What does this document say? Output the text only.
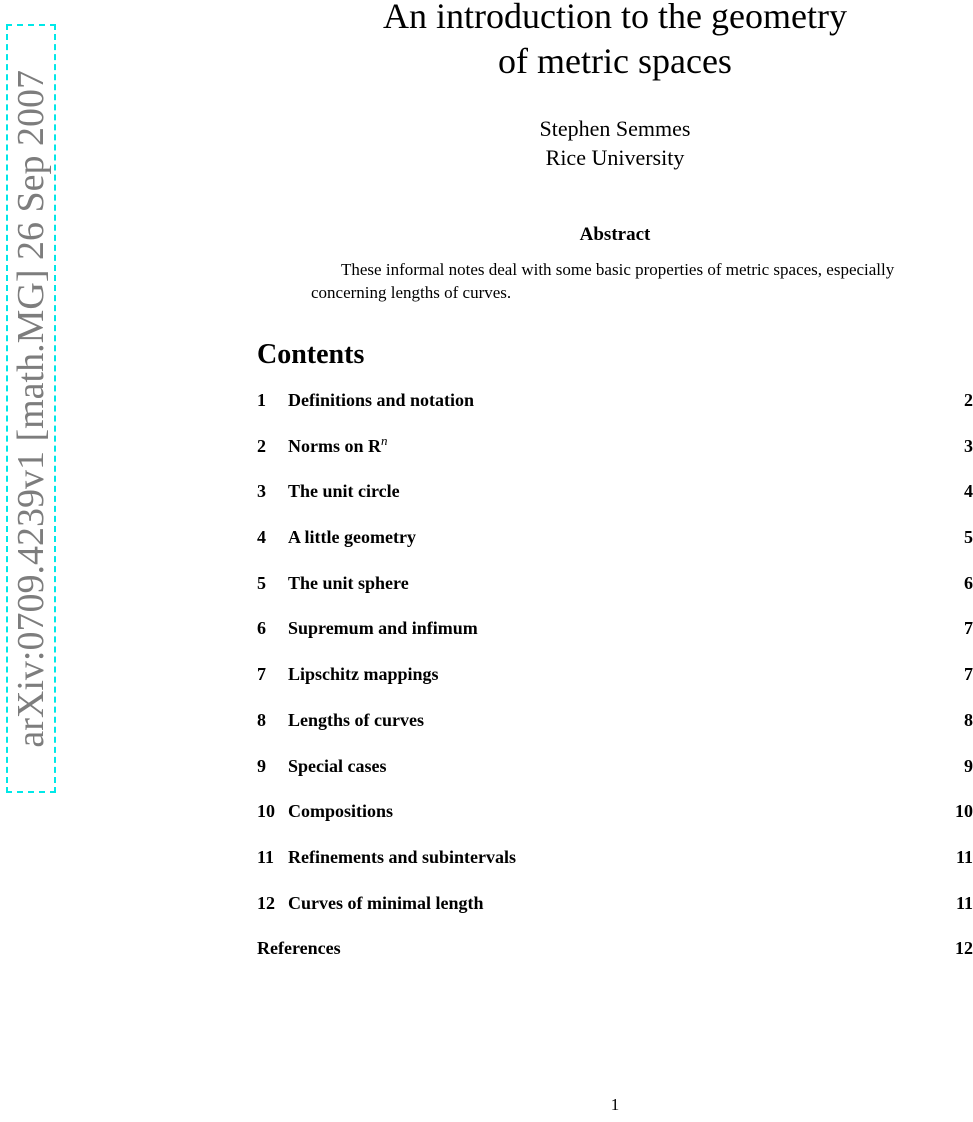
arXiv:0709.4239v1 [math.MG] 26 Sep 2007
An introduction to the geometry
of metric spaces
Stephen Semmes
Rice University
Abstract

These informal notes deal with some basic properties of metric spaces, especially concerning lengths of curves.

Contents
1	Definitions and notation	2
2	Norms on $R^n$	3
3	The unit circle	4
4	A little geometry	5
5	The unit sphere	6
6	Supremum and infimum	7
7	Lipschitz mappings	7
8	Lengths of curves	8
9	Special cases	9
10 Compositions	10
11 Refinements and subintervals	11
12 Curves of minimal length	11
References	12
1
